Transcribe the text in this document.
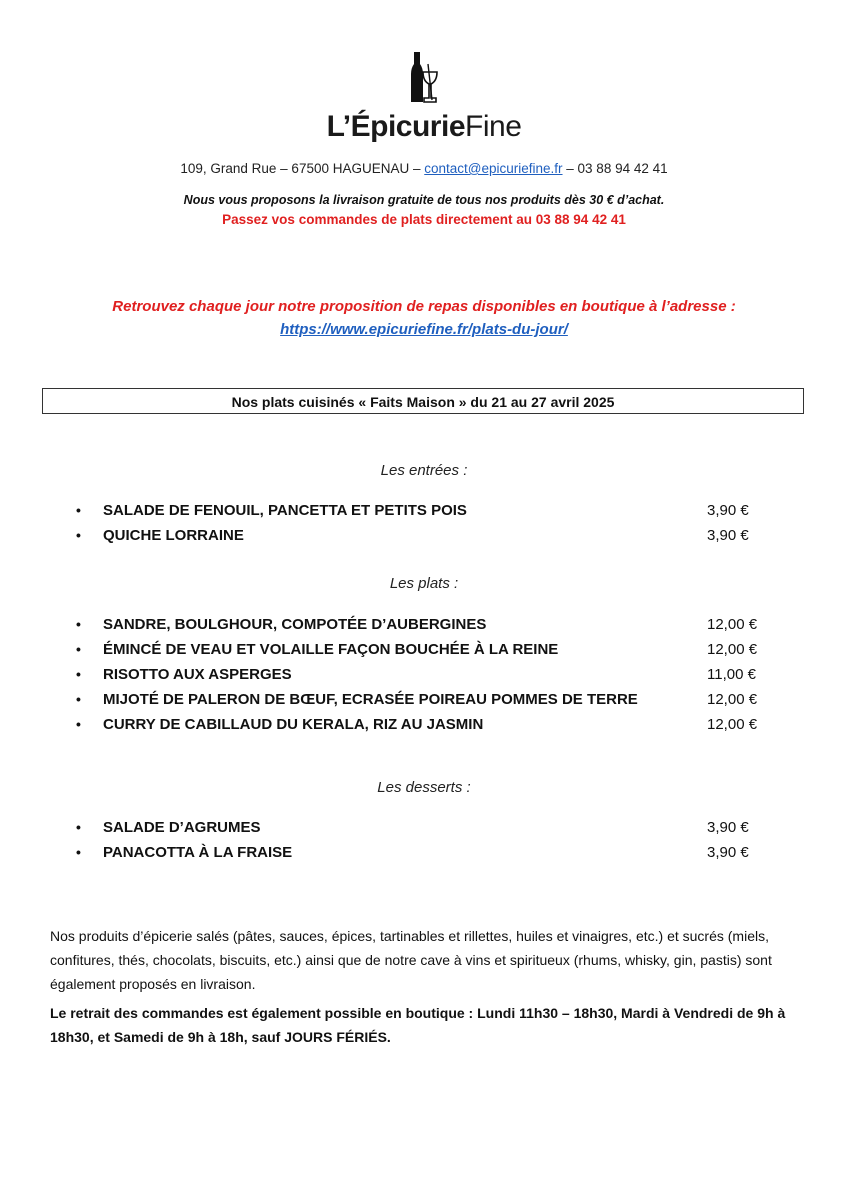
L’ÉpicurieFine
109, Grand Rue – 67500 HAGUENAU – contact@epicuriefine.fr – 03 88 94 42 41
Nous vous proposons la livraison gratuite de tous nos produits dès 30 € d’achat.
Passez vos commandes de plats directement au 03 88 94 42 41
Retrouvez chaque jour notre proposition de repas disponibles en boutique à l’adresse :
https://www.epicuriefine.fr/plats-du-jour/
Nos plats cuisinés « Faits Maison » du 21 au 27 avril 2025
Les entrées :
•	SALADE DE FENOUIL, PANCETTA ET PETITS POIS	3,90 €
•	QUICHE LORRAINE	3,90 €
Les plats :
•	SANDRE, BOULGHOUR, COMPOTÉE D’AUBERGINES	12,00 €
•	ÉMINCÉ DE VEAU ET VOLAILLE FAÇON BOUCHÉE À LA REINE	12,00 €
•	RISOTTO AUX ASPERGES	11,00 €
•	MIJOTÉ DE PALERON DE BŒUF, ECRASÉE POIREAU POMMES DE TERRE	12,00 €
•	CURRY DE CABILLAUD DU KERALA, RIZ AU JASMIN	12,00 €
Les desserts :
•	SALADE D’AGRUMES	3,90 €
•	PANACOTTA À LA FRAISE	3,90 €
Nos produits d’épicerie salés (pâtes, sauces, épices, tartinables et rillettes, huiles et vinaigres, etc.) et sucrés (miels, confitures, thés, chocolats, biscuits, etc.) ainsi que de notre cave à vins et spiritueux (rhums, whisky, gin, pastis) sont également proposés en livraison.
Le retrait des commandes est également possible en boutique : Lundi 11h30 – 18h30, Mardi à Vendredi de 9h à 18h30, et Samedi de 9h à 18h, sauf JOURS FÉRIÉS.
